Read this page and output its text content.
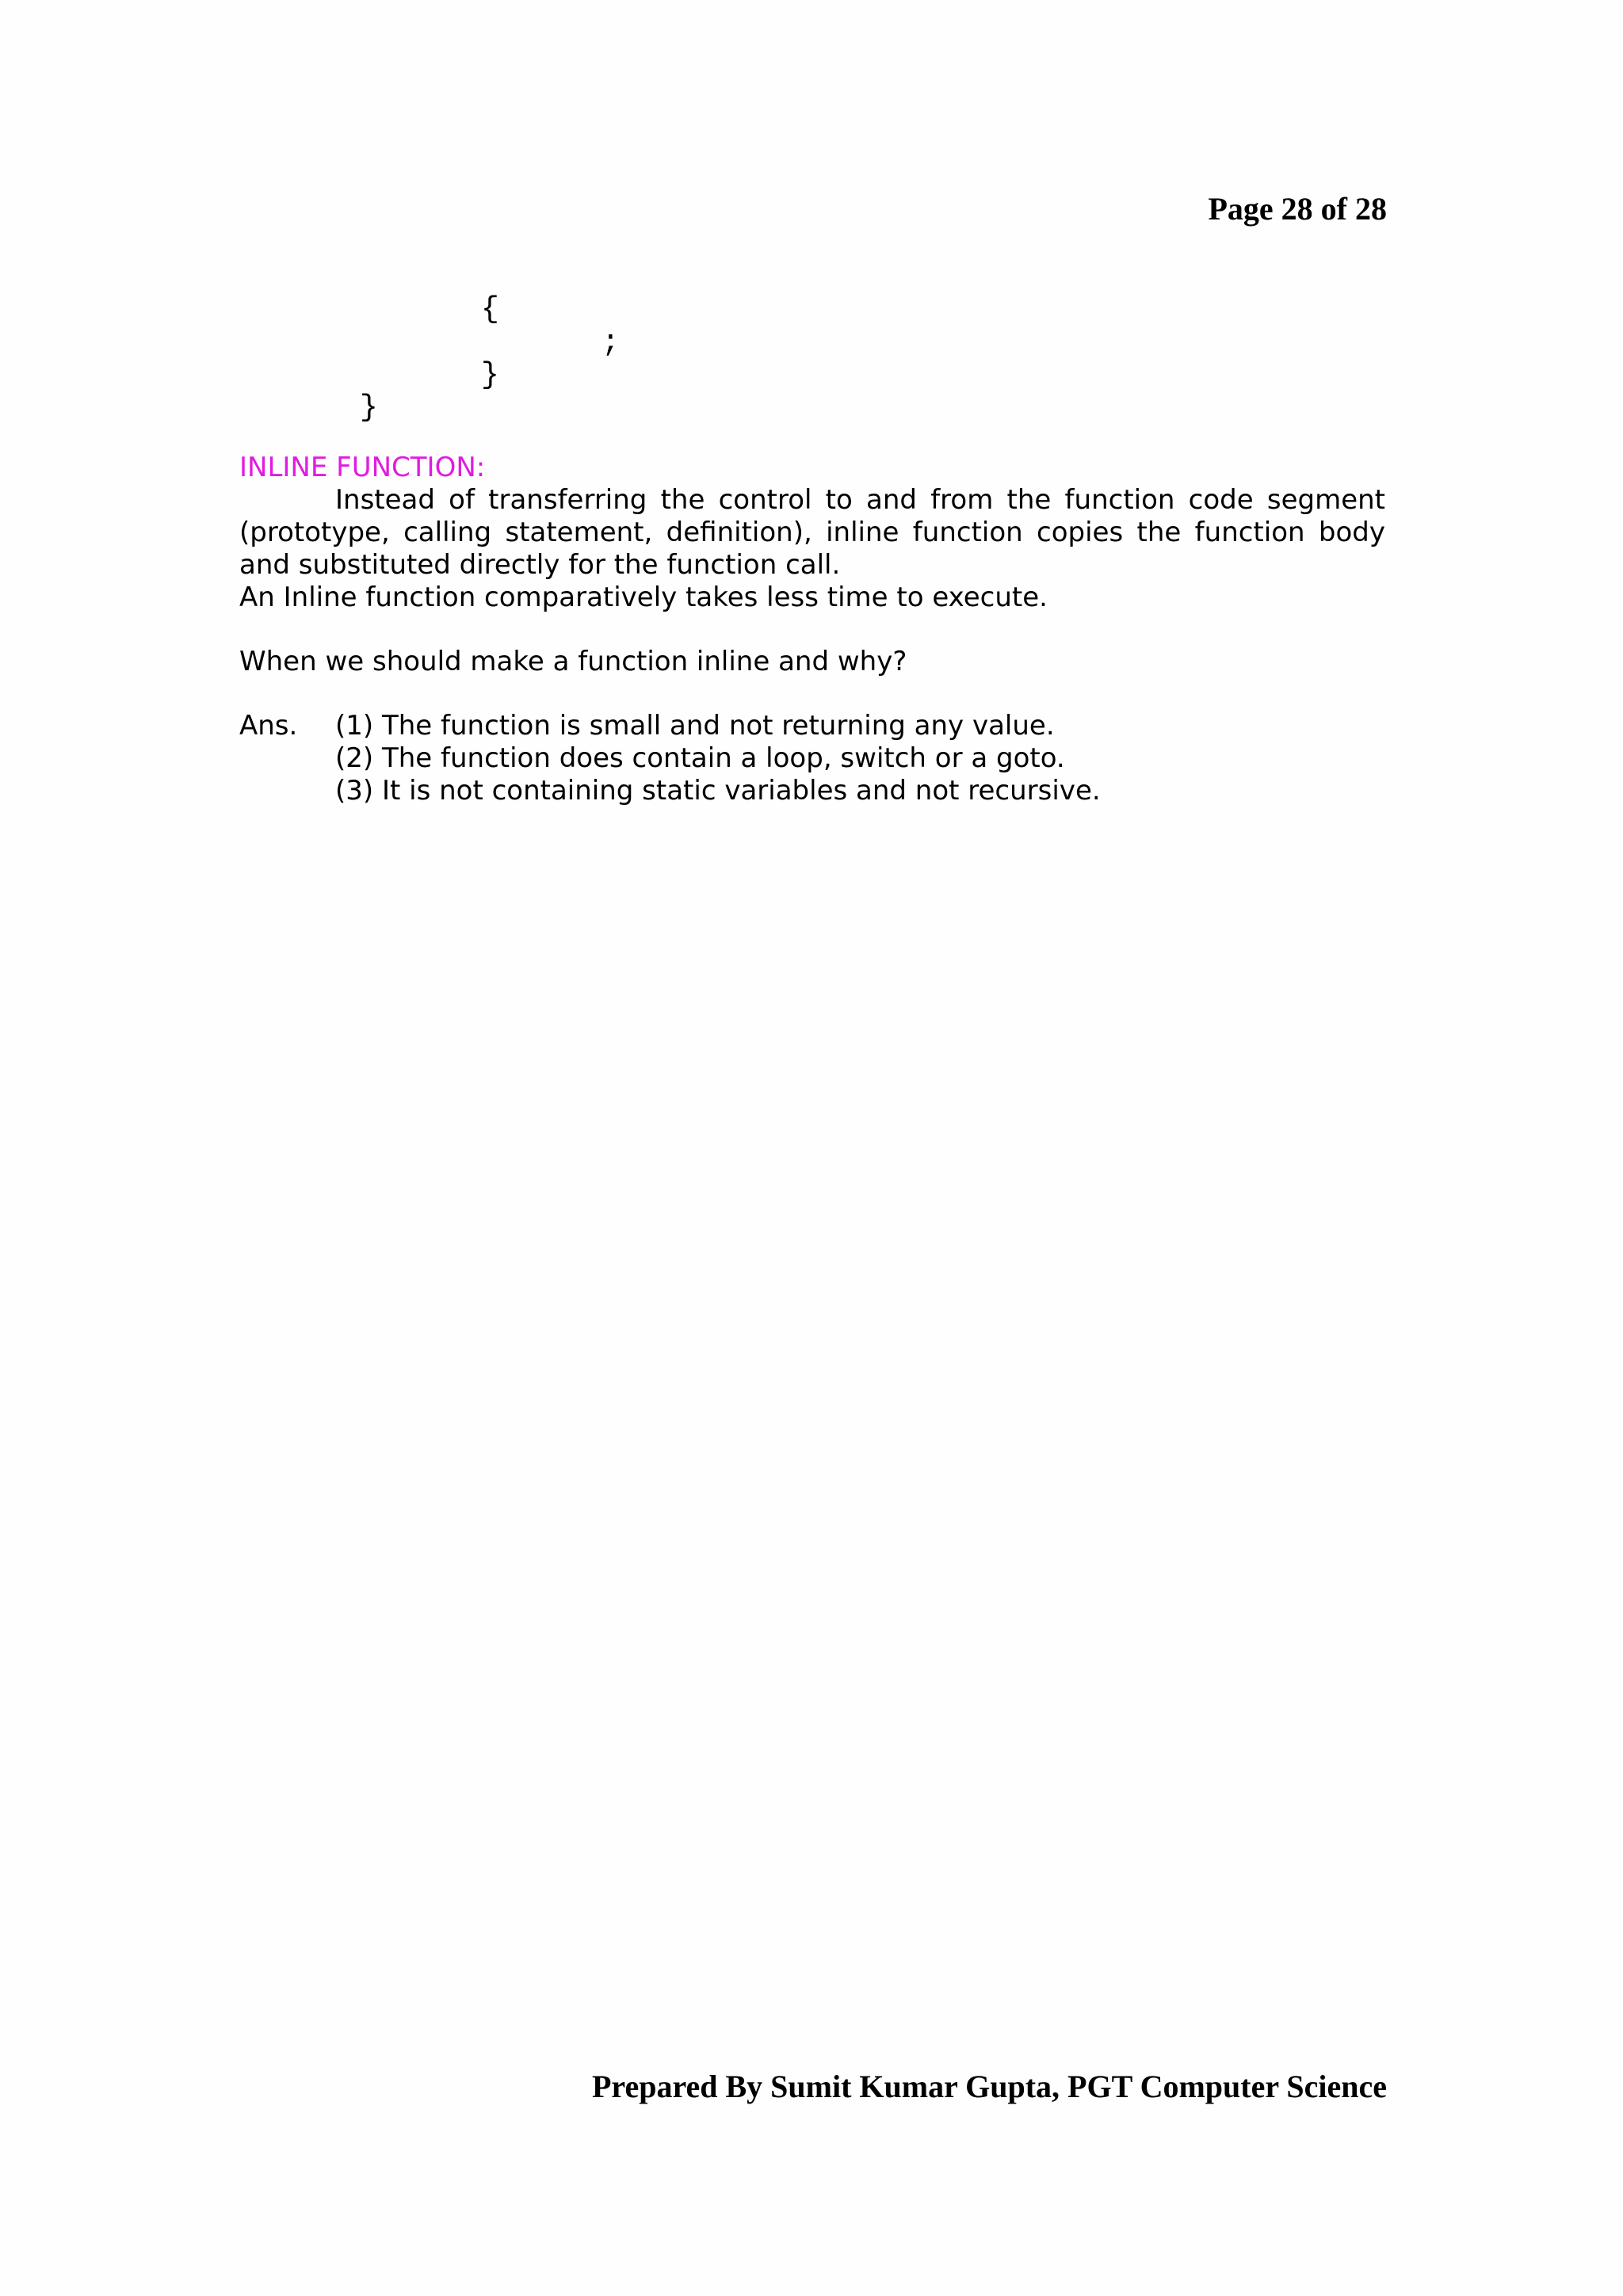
Page 28 of 28
{
;
}
}
INLINE FUNCTION:
Instead of transferring the control to and from the function code segment (prototype, calling statement, definition), inline function copies the function body and substituted directly for the function call.
An Inline function comparatively takes less time to execute.
When we should make a function inline and why?
Ans. (1) The function is small and not returning any value.
(2) The function does contain a loop, switch or a goto.
(3) It is not containing static variables and not recursive.
Prepared By Sumit Kumar Gupta, PGT Computer Science
